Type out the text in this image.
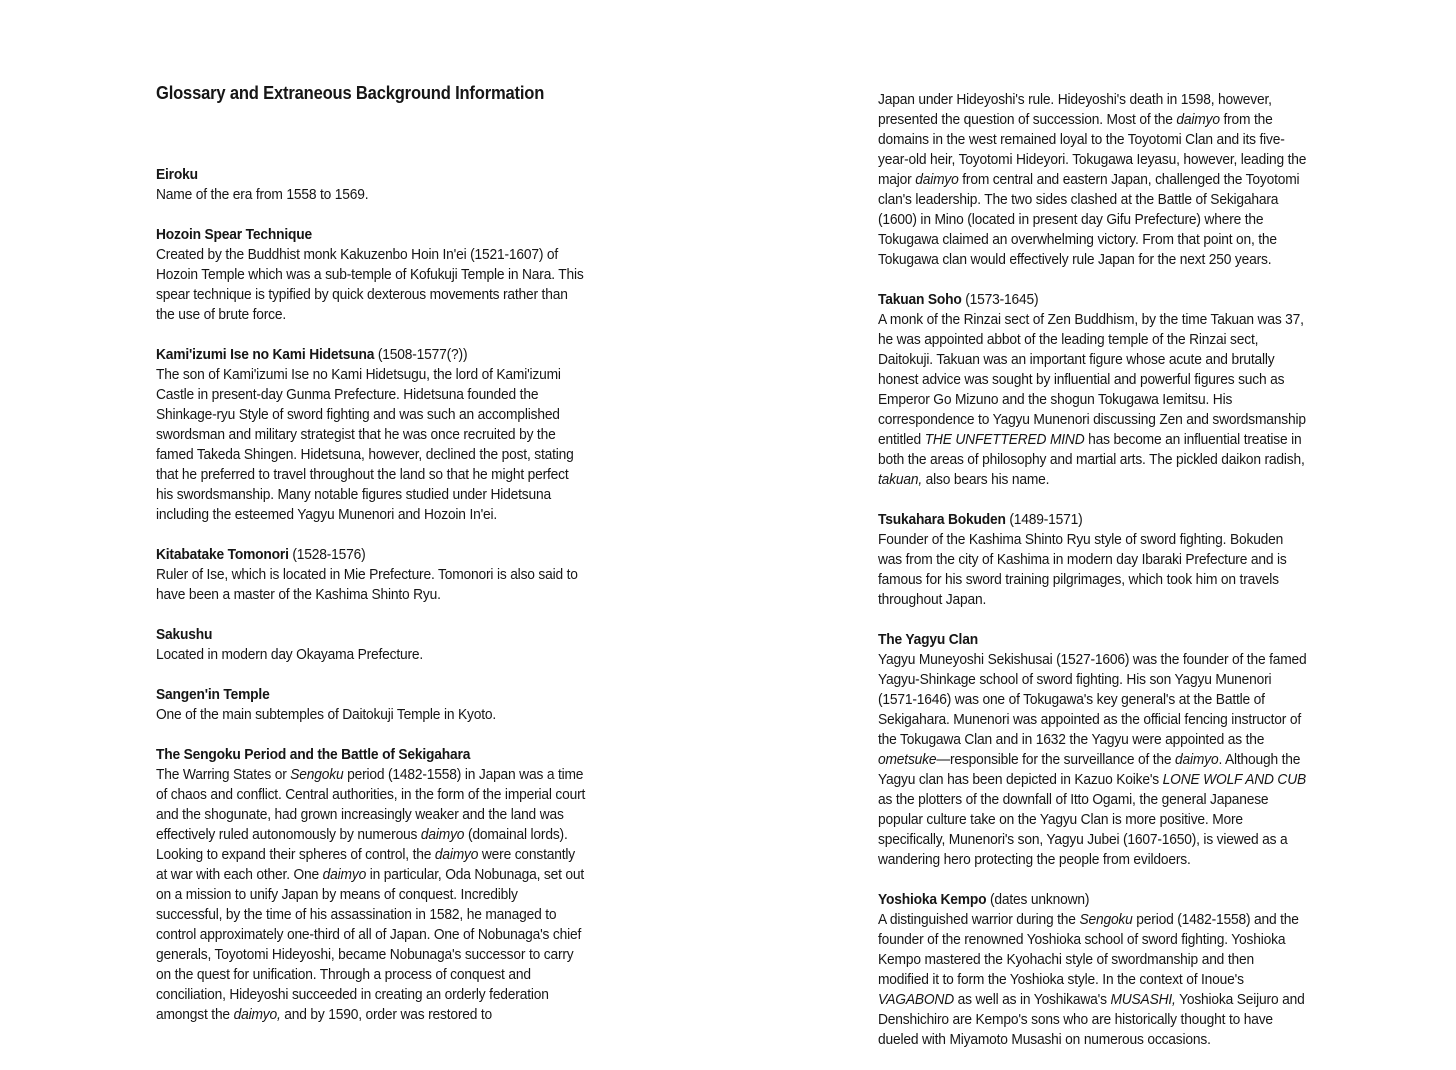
Glossary and Extraneous Background Information
Eiroku
Name of the era from 1558 to 1569.
Hozoin Spear Technique
Created by the Buddhist monk Kakuzenbo Hoin In'ei (1521-1607) of Hozoin Temple which was a sub-temple of Kofukuji Temple in Nara. This spear technique is typified by quick dexterous movements rather than the use of brute force.
Kami'izumi Ise no Kami Hidetsuna (1508-1577(?))
The son of Kami'izumi Ise no Kami Hidetsugu, the lord of Kami'izumi Castle in present-day Gunma Prefecture. Hidetsuna founded the Shinkage-ryu Style of sword fighting and was such an accomplished swordsman and military strategist that he was once recruited by the famed Takeda Shingen. Hidetsuna, however, declined the post, stating that he preferred to travel throughout the land so that he might perfect his swordsmanship. Many notable figures studied under Hidetsuna including the esteemed Yagyu Munenori and Hozoin In'ei.
Kitabatake Tomonori (1528-1576)
Ruler of Ise, which is located in Mie Prefecture. Tomonori is also said to have been a master of the Kashima Shinto Ryu.
Sakushu
Located in modern day Okayama Prefecture.
Sangen'in Temple
One of the main subtemples of Daitokuji Temple in Kyoto.
The Sengoku Period and the Battle of Sekigahara
The Warring States or Sengoku period (1482-1558) in Japan was a time of chaos and conflict. Central authorities, in the form of the imperial court and the shogunate, had grown increasingly weaker and the land was effectively ruled autonomously by numerous daimyo (domainal lords). Looking to expand their spheres of control, the daimyo were constantly at war with each other. One daimyo in particular, Oda Nobunaga, set out on a mission to unify Japan by means of conquest. Incredibly successful, by the time of his assassination in 1582, he managed to control approximately one-third of all of Japan. One of Nobunaga's chief generals, Toyotomi Hideyoshi, became Nobunaga's successor to carry on the quest for unification. Through a process of conquest and conciliation, Hideyoshi succeeded in creating an orderly federation amongst the daimyo, and by 1590, order was restored to
Japan under Hideyoshi's rule. Hideyoshi's death in 1598, however, presented the question of succession. Most of the daimyo from the domains in the west remained loyal to the Toyotomi Clan and its five-year-old heir, Toyotomi Hideyori. Tokugawa Ieyasu, however, leading the major daimyo from central and eastern Japan, challenged the Toyotomi clan's leadership. The two sides clashed at the Battle of Sekigahara (1600) in Mino (located in present day Gifu Prefecture) where the Tokugawa claimed an overwhelming victory. From that point on, the Tokugawa clan would effectively rule Japan for the next 250 years.
Takuan Soho (1573-1645)
A monk of the Rinzai sect of Zen Buddhism, by the time Takuan was 37, he was appointed abbot of the leading temple of the Rinzai sect, Daitokuji. Takuan was an important figure whose acute and brutally honest advice was sought by influential and powerful figures such as Emperor Go Mizuno and the shogun Tokugawa Iemitsu. His correspondence to Yagyu Munenori discussing Zen and swordsmanship entitled THE UNFETTERED MIND has become an influential treatise in both the areas of philosophy and martial arts. The pickled daikon radish, takuan, also bears his name.
Tsukahara Bokuden (1489-1571)
Founder of the Kashima Shinto Ryu style of sword fighting. Bokuden was from the city of Kashima in modern day Ibaraki Prefecture and is famous for his sword training pilgrimages, which took him on travels throughout Japan.
The Yagyu Clan
Yagyu Muneyoshi Sekishusai (1527-1606) was the founder of the famed Yagyu-Shinkage school of sword fighting. His son Yagyu Munenori (1571-1646) was one of Tokugawa's key general's at the Battle of Sekigahara. Munenori was appointed as the official fencing instructor of the Tokugawa Clan and in 1632 the Yagyu were appointed as the ometsuke—responsible for the surveillance of the daimyo. Although the Yagyu clan has been depicted in Kazuo Koike's LONE WOLF AND CUB as the plotters of the downfall of Itto Ogami, the general Japanese popular culture take on the Yagyu Clan is more positive. More specifically, Munenori's son, Yagyu Jubei (1607-1650), is viewed as a wandering hero protecting the people from evildoers.
Yoshioka Kempo (dates unknown)
A distinguished warrior during the Sengoku period (1482-1558) and the founder of the renowned Yoshioka school of sword fighting. Yoshioka Kempo mastered the Kyohachi style of swordmanship and then modified it to form the Yoshioka style. In the context of Inoue's VAGABOND as well as in Yoshikawa's MUSASHI, Yoshioka Seijuro and Denshichiro are Kempo's sons who are historically thought to have dueled with Miyamoto Musashi on numerous occasions.
